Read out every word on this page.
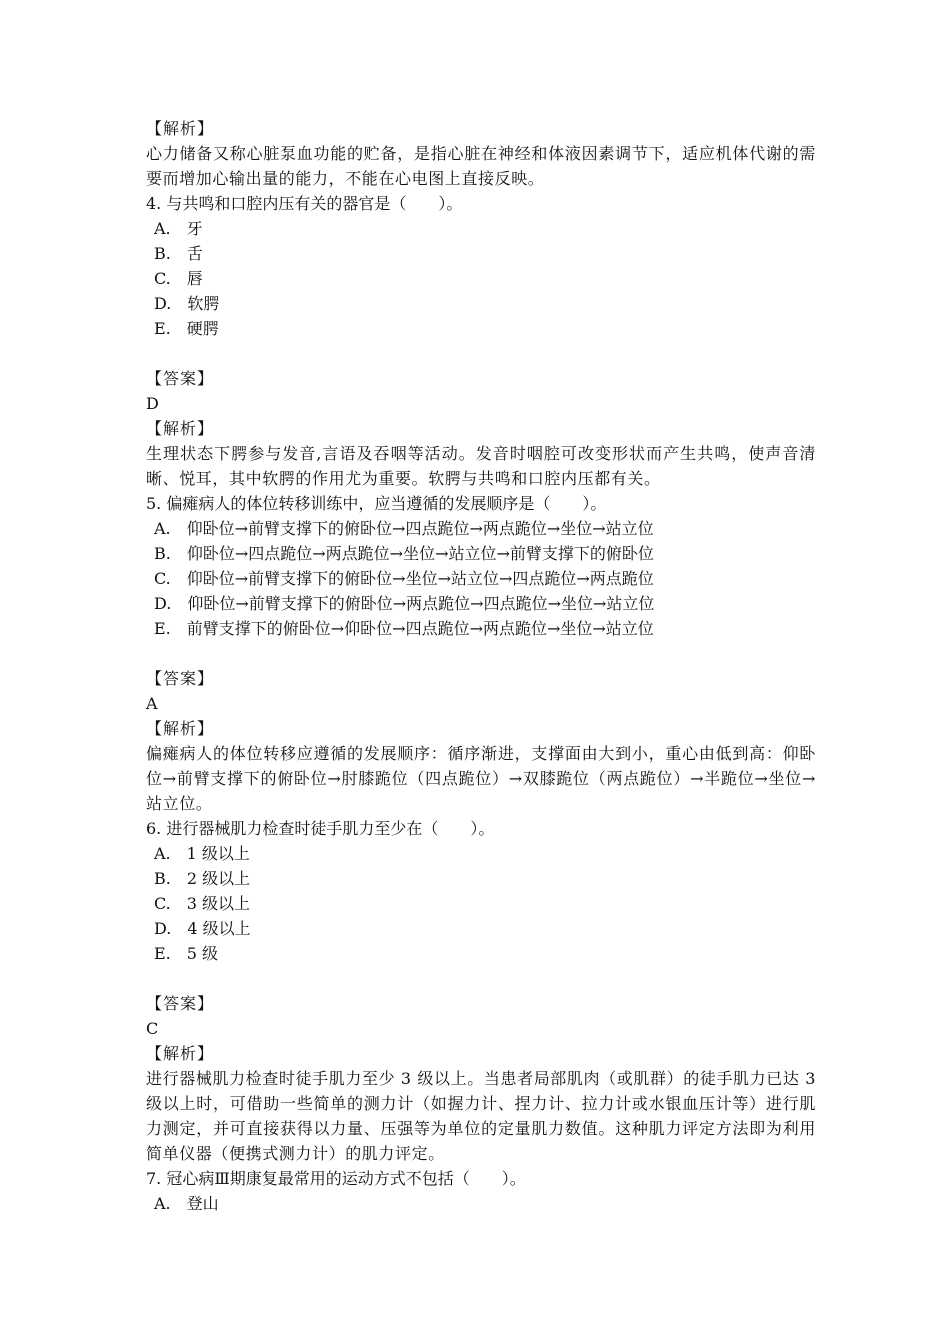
【解析】
心力储备又称心脏泵血功能的贮备，是指心脏在神经和体液因素调节下，适应机体代谢的需要而增加心输出量的能力，不能在心电图上直接反映。
4. 与共鸣和口腔内压有关的器官是（　　）。
A.　牙
B.　舌
C.　唇
D.　软腭
E.　硬腭
【答案】
D
【解析】
生理状态下腭参与发音,言语及吞咽等活动。发音时咽腔可改变形状而产生共鸣，使声音清晰、悦耳，其中软腭的作用尤为重要。软腭与共鸣和口腔内压都有关。
5. 偏瘫病人的体位转移训练中，应当遵循的发展顺序是（　　）。
A.　仰卧位→前臂支撑下的俯卧位→四点跪位→两点跪位→坐位→站立位
B.　仰卧位→四点跪位→两点跪位→坐位→站立位→前臂支撑下的俯卧位
C.　仰卧位→前臂支撑下的俯卧位→坐位→站立位→四点跪位→两点跪位
D.　仰卧位→前臂支撑下的俯卧位→两点跪位→四点跪位→坐位→站立位
E.　前臂支撑下的俯卧位→仰卧位→四点跪位→两点跪位→坐位→站立位
【答案】
A
【解析】
偏瘫病人的体位转移应遵循的发展顺序：循序渐进，支撑面由大到小，重心由低到高：仰卧位→前臂支撑下的俯卧位→肘膝跪位（四点跪位）→双膝跪位（两点跪位）→半跪位→坐位→站立位。
6. 进行器械肌力检查时徒手肌力至少在（　　）。
A.　1 级以上
B.　2 级以上
C.　3 级以上
D.　4 级以上
E.　5 级
【答案】
C
【解析】
进行器械肌力检查时徒手肌力至少 3 级以上。当患者局部肌肉（或肌群）的徒手肌力已达 3 级以上时，可借助一些简单的测力计（如握力计、捏力计、拉力计或水银血压计等）进行肌力测定，并可直接获得以力量、压强等为单位的定量肌力数值。这种肌力评定方法即为利用简单仪器（便携式测力计）的肌力评定。
7. 冠心病Ⅲ期康复最常用的运动方式不包括（　　）。
A.　登山
